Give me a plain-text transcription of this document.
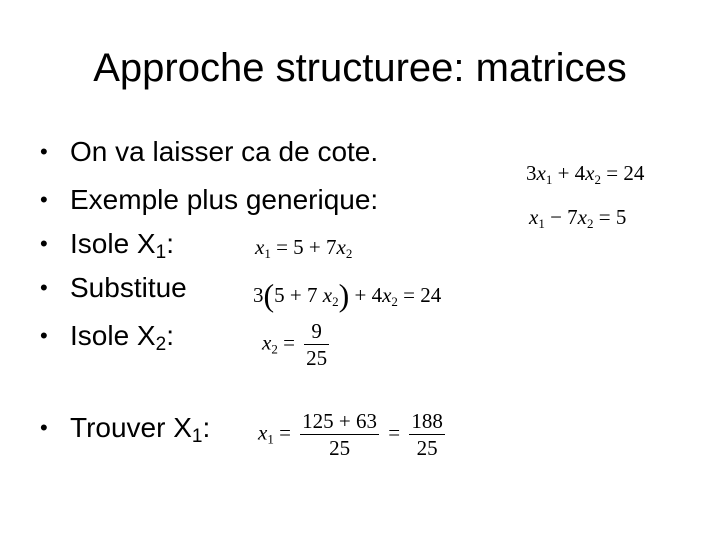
Approche structuree: matrices
• On va laisser ca de cote.
• Exemple plus generique:
• Isole $X_1$:
• Substitue
• Isole $X_2$:
• Trouver $X_1$:
$3x_1 + 4x_2 = 24$
$x_1 - 7x_2 = 5$
$x_1 = 5 + 7x_2$
3(5 + 7 $x_2) + 4x_2 = 24$
$x_2 = \frac{9}{25}$
$x_1 = \frac{125 + 63}{25} = \frac{188}{25}$
